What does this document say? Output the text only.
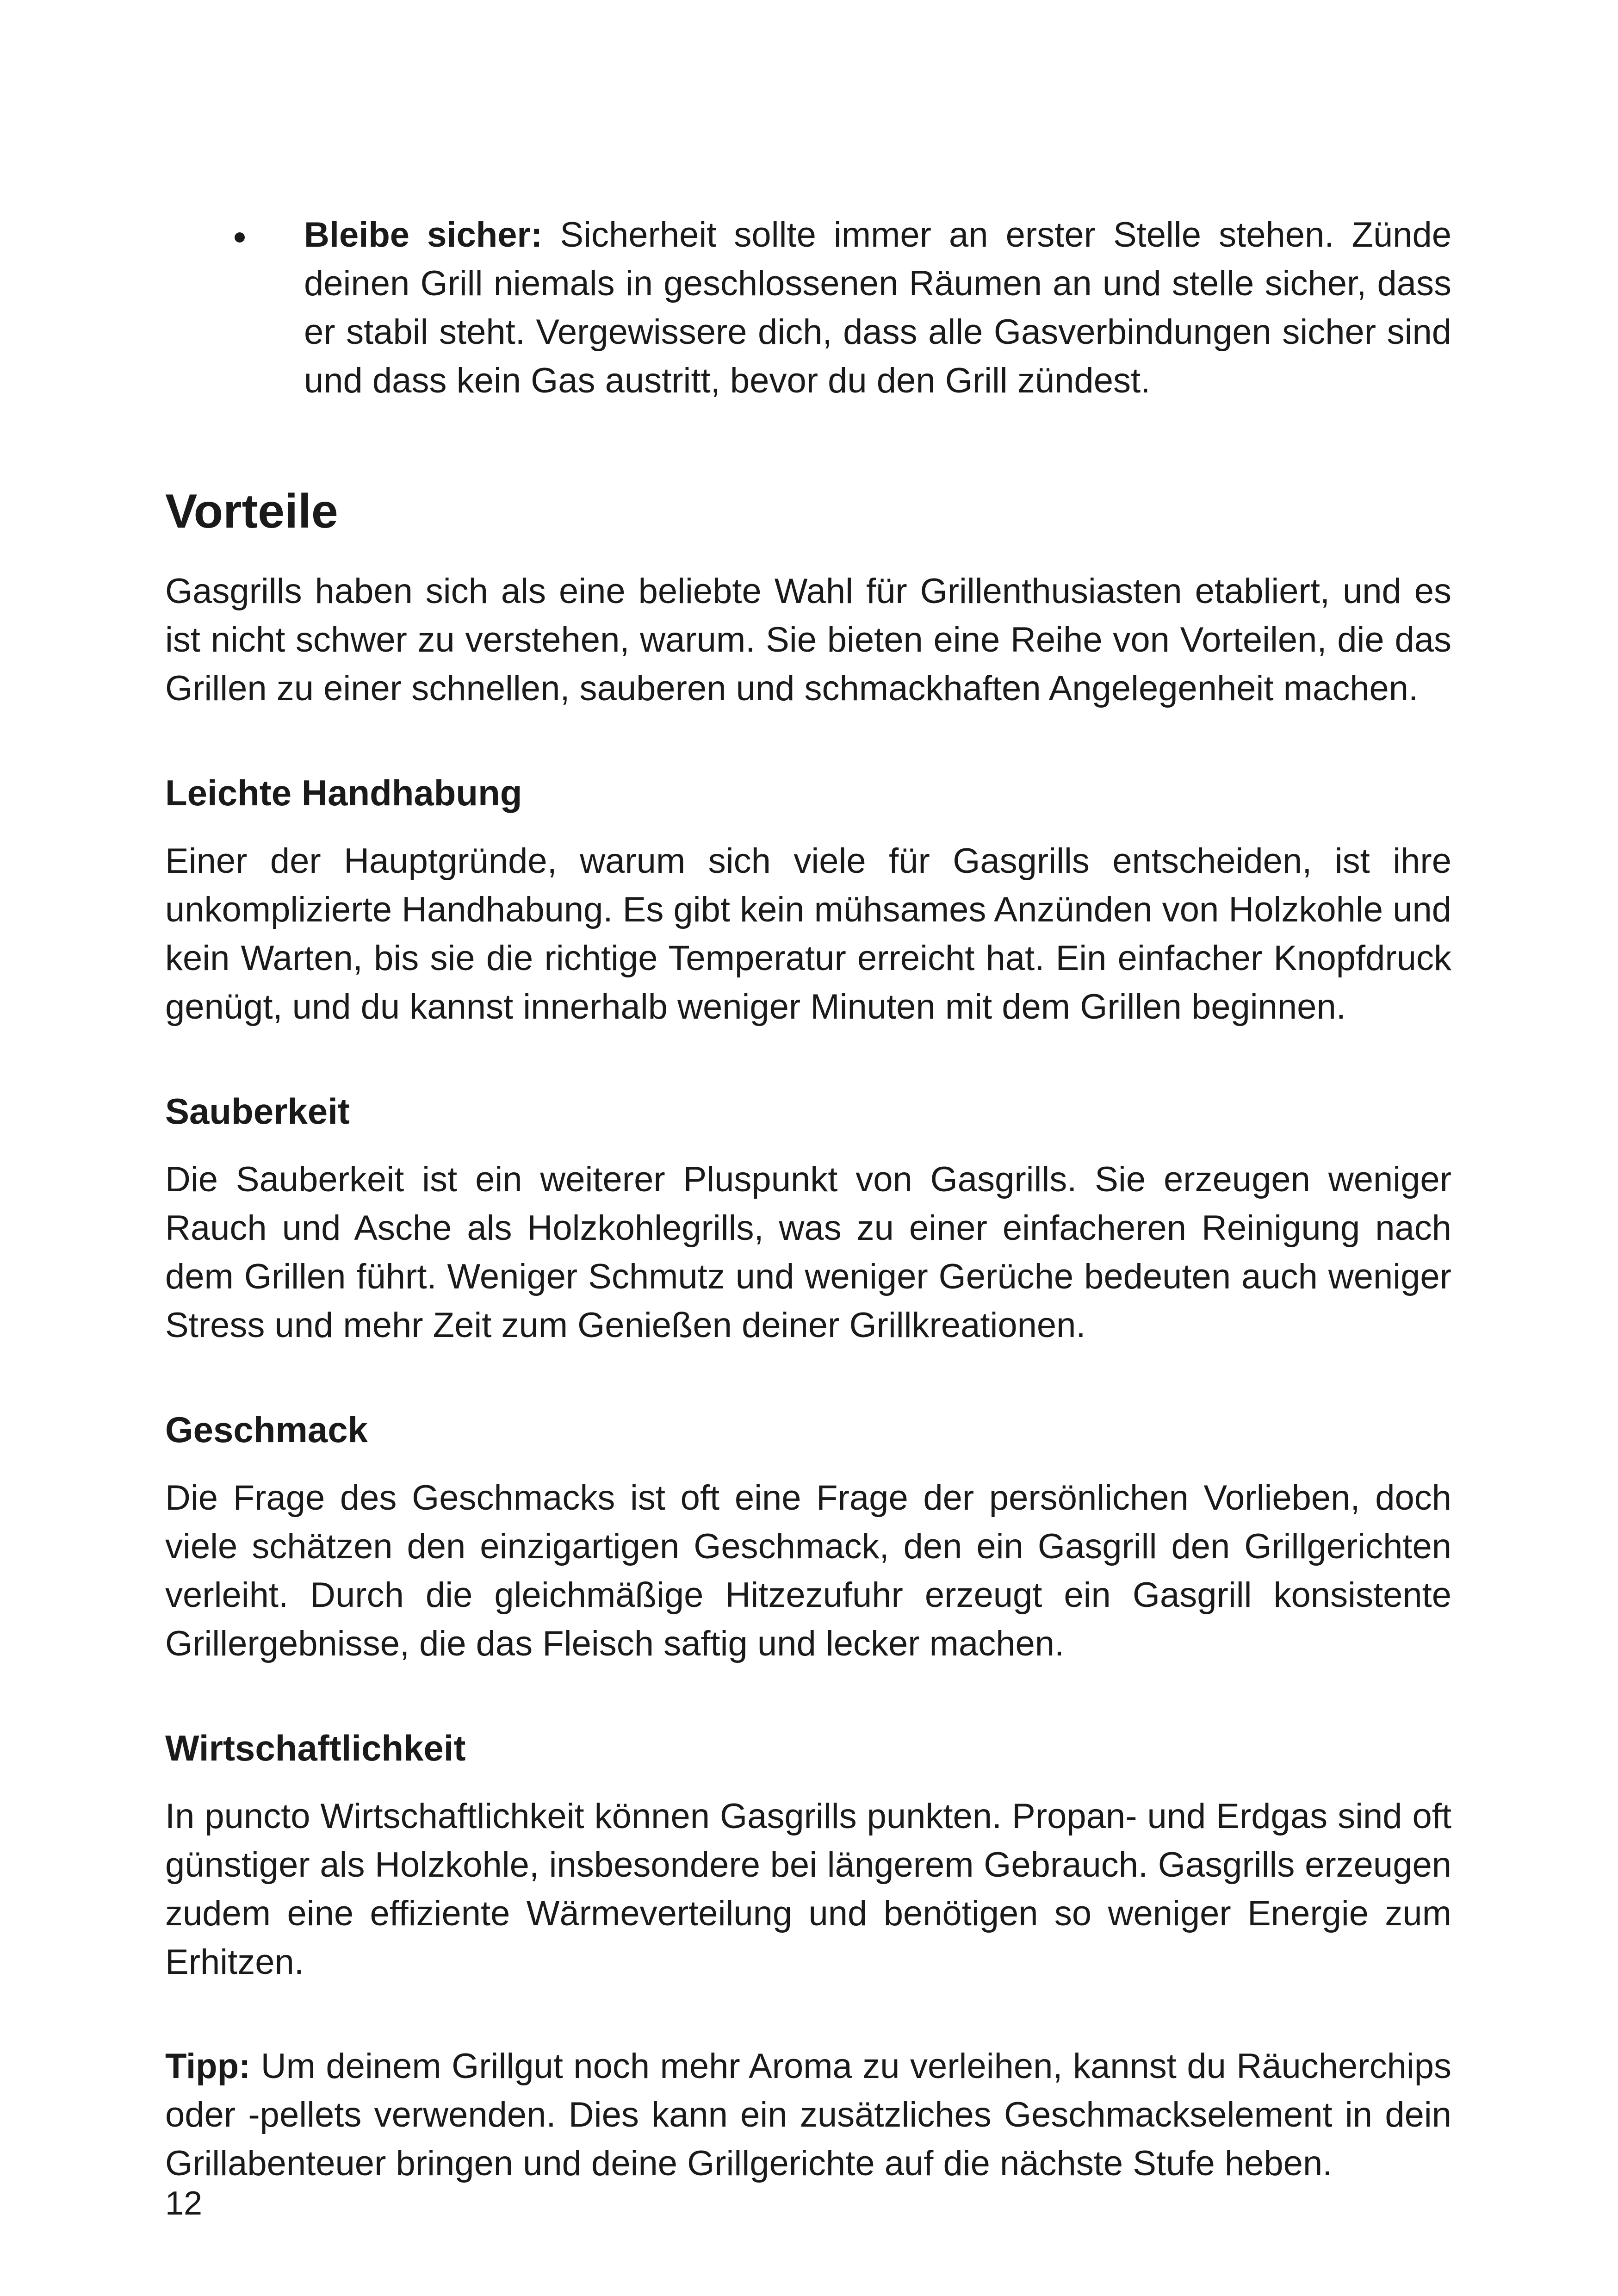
Bleibe sicher: Sicherheit sollte immer an erster Stelle stehen. Zünde deinen Grill niemals in geschlossenen Räumen an und stelle sicher, dass er stabil steht. Vergewissere dich, dass alle Gasverbindungen sicher sind und dass kein Gas austritt, bevor du den Grill zündest.

Vorteile

Gasgrills haben sich als eine beliebte Wahl für Grillenthusiasten etabliert, und es ist nicht schwer zu verstehen, warum. Sie bieten eine Reihe von Vorteilen, die das Grillen zu einer schnellen, sauberen und schmackhaften Angelegenheit machen.

Leichte Handhabung

Einer der Hauptgründe, warum sich viele für Gasgrills entscheiden, ist ihre unkomplizierte Handhabung. Es gibt kein mühsames Anzünden von Holzkohle und kein Warten, bis sie die richtige Temperatur erreicht hat. Ein einfacher Knopfdruck genügt, und du kannst innerhalb weniger Minuten mit dem Grillen beginnen.

Sauberkeit

Die Sauberkeit ist ein weiterer Pluspunkt von Gasgrills. Sie erzeugen weniger Rauch und Asche als Holzkohlegrills, was zu einer einfacheren Reinigung nach dem Grillen führt. Weniger Schmutz und weniger Gerüche bedeuten auch weniger Stress und mehr Zeit zum Genießen deiner Grillkreationen.

Geschmack

Die Frage des Geschmacks ist oft eine Frage der persönlichen Vorlieben, doch viele schätzen den einzigartigen Geschmack, den ein Gasgrill den Grillgerichten verleiht. Durch die gleichmäßige Hitzezufuhr erzeugt ein Gasgrill konsistente Grillergebnisse, die das Fleisch saftig und lecker machen.

Wirtschaftlichkeit

In puncto Wirtschaftlichkeit können Gasgrills punkten. Propan- und Erdgas sind oft günstiger als Holzkohle, insbesondere bei längerem Gebrauch. Gasgrills erzeugen zudem eine effiziente Wärmeverteilung und benötigen so weniger Energie zum Erhitzen.

Tipp: Um deinem Grillgut noch mehr Aroma zu verleihen, kannst du Räucherchips oder -pellets verwenden. Dies kann ein zusätzliches Geschmackselement in dein Grillabenteuer bringen und deine Grillgerichte auf die nächste Stufe heben.

12
